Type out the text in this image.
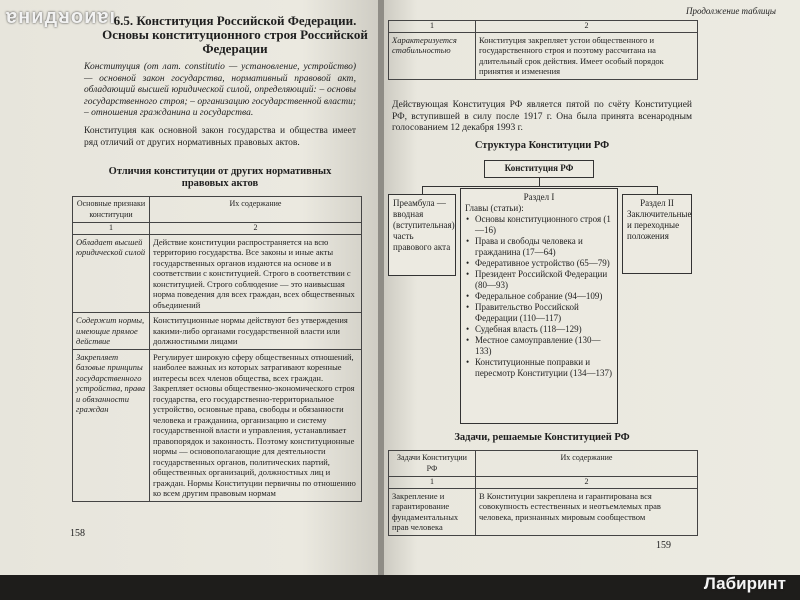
ɐнидᴚоиɐı
6.5. Конституция Российской Федерации. Основы конституционного строя Российской Федерации
Конституция (от лат. constitutio — установление, устройство) — основной закон государства, нормативный правовой акт, обладающий высшей юридической силой, определяющий: – основы государственного строя; – организацию государственной власти; – отношения гражданина и государства.
Конституция как основной закон государства и общества имеет ряд отличий от других нормативных правовых актов.
Отличия конституции от других нормативных правовых актов
Основные признаки конституции	Их содержание
1	2
Обладает высшей юридической силой	Действие конституции распространяется на всю территорию государства. Все законы и иные акты государственных органов издаются на основе и в соответствии с конституцией. Строго в соответствии с конституцией. Строго соблюдение — это наивысшая норма поведения для всех граждан, всех общественных объединений
Содержит нормы, имеющие прямое действие	Конституционные нормы действуют без утверждения какими-либо органами государственной власти или должностными лицами
Закрепляет базовые принципы государственного устройства, права и обязанности граждан	Регулирует широкую сферу общественных отношений, наиболее важных из которых затрагивают коренные интересы всех членов общества, всех граждан. Закрепляет основы общественно-экономического строя государства, его государственно-территориальное устройство, основные права, свободы и обязанности человека и гражданина, организацию и систему государственной власти и управления, устанавливает правопорядок и законность. Поэтому конституционные нормы — основополагающие для деятельности государственных органов, политических партий, общественных организаций, должностных лиц и граждан. Нормы Конституции первичны по отношению ко всем другим правовым нормам
158
Продолжение таблицы
1	2
Характеризуется стабильностью	Конституция закрепляет устои общественного и государственного строя и поэтому рассчитана на длительный срок действия. Имеет особый порядок принятия и изменения
Действующая Конституция РФ является пятой по счёту Конституцией РФ, вступившей в силу после 1917 г. Она была принята всенародным голосованием 12 декабря 1993 г.
Структура Конституции РФ
Конституция РФ
Преамбула — вводная (вступительная) часть правового акта
Раздел I
Главы (статьи):
• Основы конституционного строя (1—16)
• Права и свободы человека и гражданина (17—64)
• Федеративное устройство (65—79)
• Президент Российской Федерации (80—93)
• Федеральное собрание (94—109)
• Правительство Российской Федерации (110—117)
• Судебная власть (118—129)
• Местное самоуправление (130—133)
• Конституционные поправки и пересмотр Конституции (134—137)
Раздел II
Заключительные и переходные положения
Задачи, решаемые Конституцией РФ
Задачи Конституции РФ	Их содержание
1	2
Закрепление и гарантирование фундаментальных прав человека	В Конституции закреплена и гарантирована вся совокупность естественных и неотъемлемых прав человека, признанных мировым сообществом
159
Лабиринт
